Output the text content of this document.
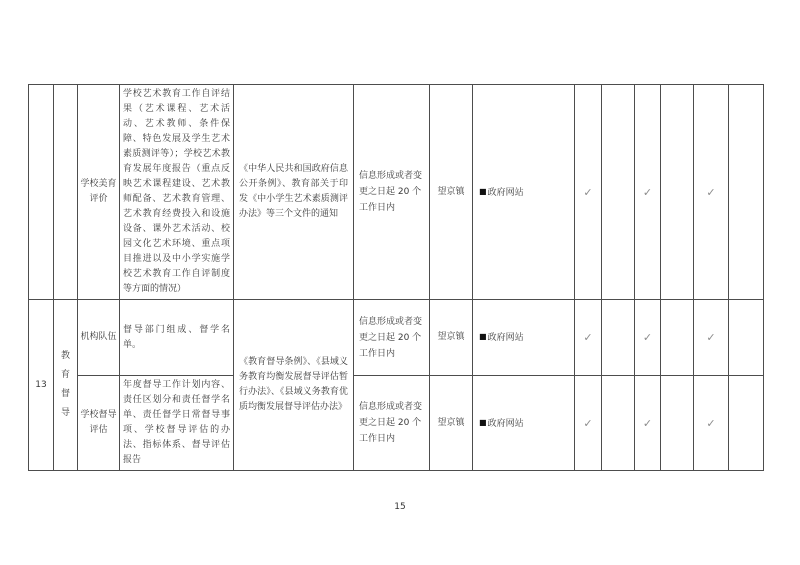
		学校美育评价	学校艺术教育工作自评结果（艺术课程、艺术活动、艺术教师、条件保障、特色发展及学生艺术素质测评等）；学校艺术教育发展年度报告（重点反映艺术课程建设、艺术教师配备、艺术教育管理、艺术教育经费投入和设施设备、课外艺术活动、校园文化艺术环境、重点项目推进以及中小学实施学校艺术教育工作自评制度等方面的情况）	《中华人民共和国政府信息公开条例》、教育部关于印发《中小学生艺术素质测评办法》等三个文件的通知	信息形成或者变更之日起 20 个工作日内	望京镇	■政府网站	✓		✓		✓	
13	教育督导	机构队伍	督导部门组成、督学名单。	《教育督导条例》、《县域义务教育均衡发展督导评估暂行办法》、《县域义务教育优质均衡发展督导评估办法》	信息形成或者变更之日起 20 个工作日内	望京镇	■政府网站	✓		✓		✓	
		学校督导评估	年度督导工作计划内容、责任区划分和责任督学名单、责任督学日常督导事项、学校督导评估的办法、指标体系、督导评估报告		信息形成或者变更之日起 20 个工作日内	望京镇	■政府网站	✓		✓		✓	
15
